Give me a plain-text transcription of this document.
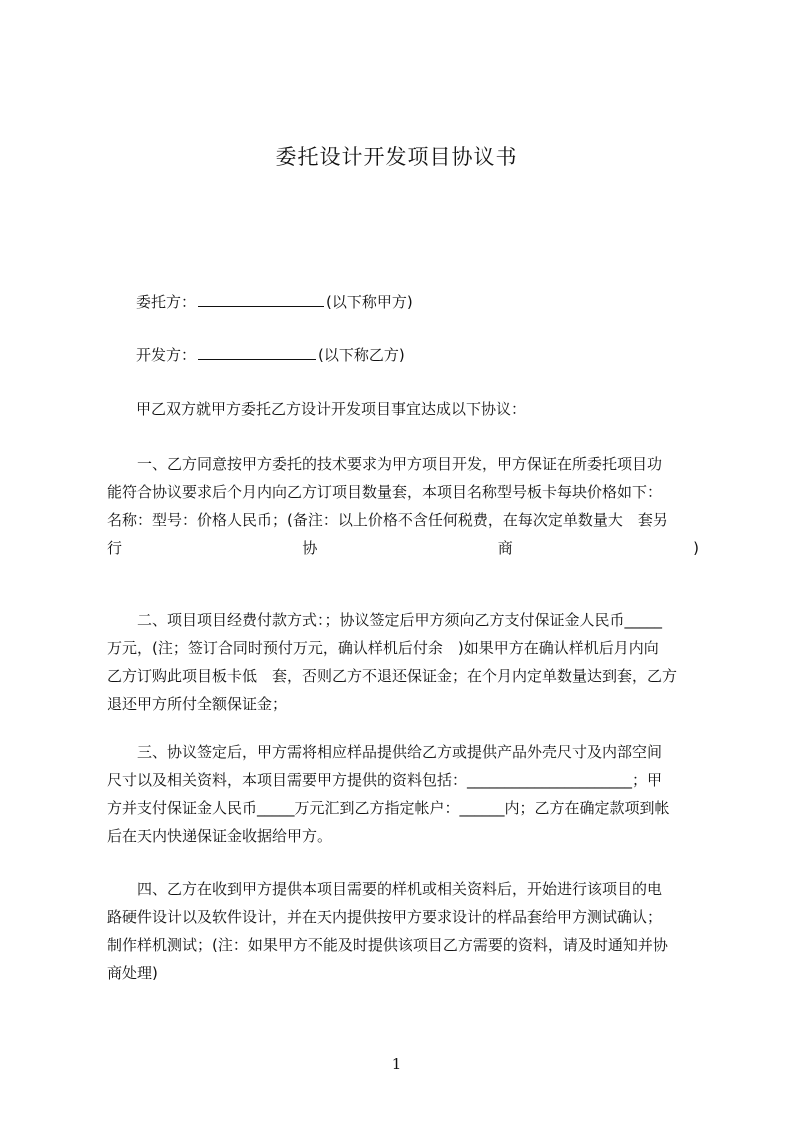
委托设计开发项目协议书
委托方：	(以下称甲方)
开发方：	(以下称乙方)
甲乙双方就甲方委托乙方设计开发项目事宜达成以下协议：
一、乙方同意按甲方委托的技术要求为甲方项目开发，甲方保证在所委托项目功
能符合协议要求后个月内向乙方订项目数量套，本项目名称型号板卡每块价格如下：
名称：型号：价格人民币；(备注：以上价格不含任何税费，在每次定单数量大　套另
行	协	商	)
二、项目项目经费付款方式：；协议签定后甲方须向乙方支付保证金人民币_____
万元，(注；签订合同时预付万元，确认样机后付余　)如果甲方在确认样机后月内向
乙方订购此项目板卡低　套，否则乙方不退还保证金；在个月内定单数量达到套，乙方
退还甲方所付全额保证金；
三、协议签定后，甲方需将相应样品提供给乙方或提供产品外壳尺寸及内部空间
尺寸以及相关资料，本项目需要甲方提供的资料包括：______________________；甲
方并支付保证金人民币_____万元汇到乙方指定帐户：______内；乙方在确定款项到帐
后在天内快递保证金收据给甲方。
四、乙方在收到甲方提供本项目需要的样机或相关资料后，开始进行该项目的电
路硬件设计以及软件设计，并在天内提供按甲方要求设计的样品套给甲方测试确认；
制作样机测试；(注：如果甲方不能及时提供该项目乙方需要的资料，请及时通知并协
商处理)
1
